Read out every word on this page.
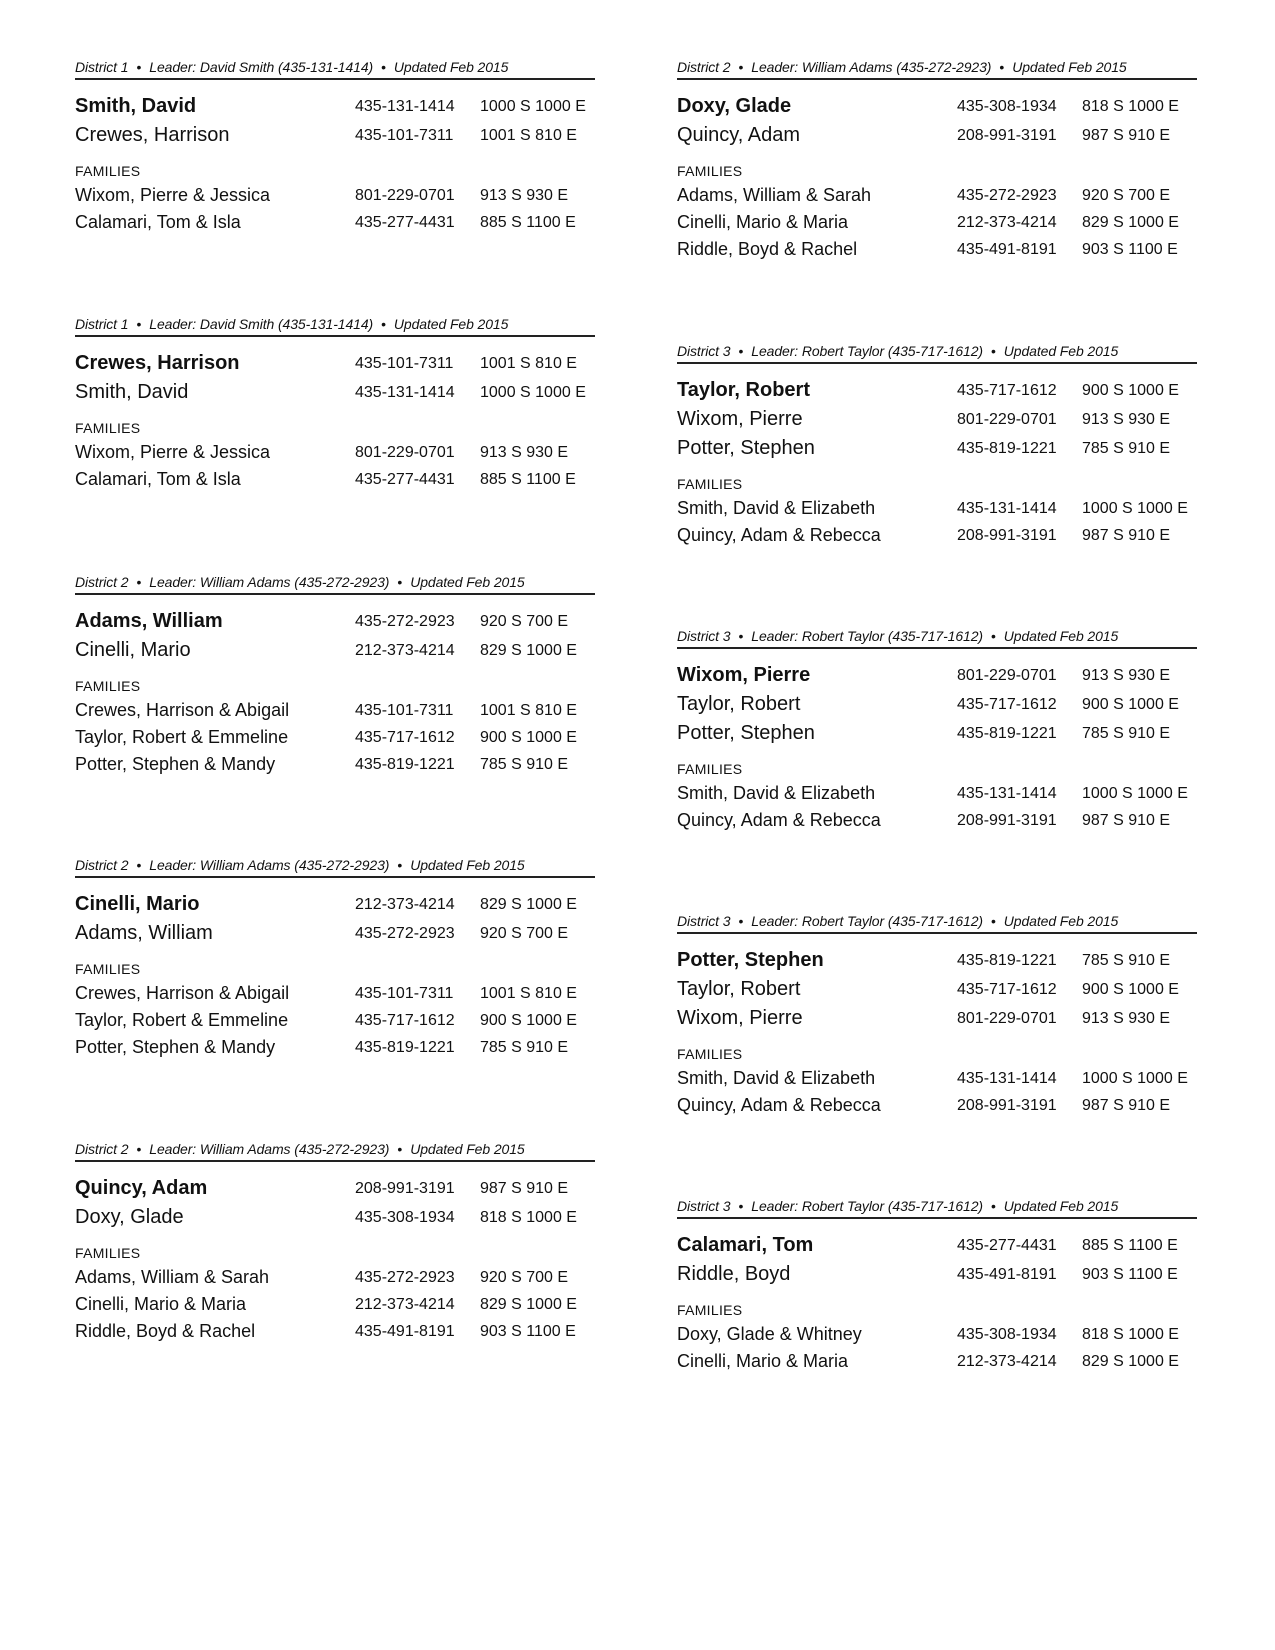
District 1 • Leader: David Smith (435-131-1414) • Updated Feb 2015
Smith, David	435-131-1414 1000 S 1000 E
Crewes, Harrison	435-101-7311 1001 S 810 E
FAMILIES
Wixom, Pierre & Jessica	801-229-0701 913 S 930 E
Calamari, Tom & Isla	435-277-4431 885 S 1100 E
District 1 • Leader: David Smith (435-131-1414) • Updated Feb 2015
Crewes, Harrison	435-101-7311 1001 S 810 E
Smith, David	435-131-1414 1000 S 1000 E
FAMILIES
Wixom, Pierre & Jessica	801-229-0701 913 S 930 E
Calamari, Tom & Isla	435-277-4431 885 S 1100 E
District 2 • Leader: William Adams (435-272-2923) • Updated Feb 2015
Adams, William	435-272-2923 920 S 700 E
Cinelli, Mario	212-373-4214 829 S 1000 E
FAMILIES
Crewes, Harrison & Abigail	435-101-7311 1001 S 810 E
Taylor, Robert & Emmeline	435-717-1612 900 S 1000 E
Potter, Stephen & Mandy	435-819-1221 785 S 910 E
District 2 • Leader: William Adams (435-272-2923) • Updated Feb 2015
Cinelli, Mario	212-373-4214 829 S 1000 E
Adams, William	435-272-2923 920 S 700 E
FAMILIES
Crewes, Harrison & Abigail	435-101-7311 1001 S 810 E
Taylor, Robert & Emmeline	435-717-1612 900 S 1000 E
Potter, Stephen & Mandy	435-819-1221 785 S 910 E
District 2 • Leader: William Adams (435-272-2923) • Updated Feb 2015
Quincy, Adam	208-991-3191 987 S 910 E
Doxy, Glade	435-308-1934 818 S 1000 E
FAMILIES
Adams, William & Sarah	435-272-2923 920 S 700 E
Cinelli, Mario & Maria	212-373-4214 829 S 1000 E
Riddle, Boyd & Rachel	435-491-8191 903 S 1100 E
District 2 • Leader: William Adams (435-272-2923) • Updated Feb 2015
Doxy, Glade	435-308-1934 818 S 1000 E
Quincy, Adam	208-991-3191 987 S 910 E
FAMILIES
Adams, William & Sarah	435-272-2923 920 S 700 E
Cinelli, Mario & Maria	212-373-4214 829 S 1000 E
Riddle, Boyd & Rachel	435-491-8191 903 S 1100 E
District 3 • Leader: Robert Taylor (435-717-1612) • Updated Feb 2015
Taylor, Robert	435-717-1612 900 S 1000 E
Wixom, Pierre	801-229-0701 913 S 930 E
Potter, Stephen	435-819-1221 785 S 910 E
FAMILIES
Smith, David & Elizabeth	435-131-1414 1000 S 1000 E
Quincy, Adam & Rebecca	208-991-3191 987 S 910 E
District 3 • Leader: Robert Taylor (435-717-1612) • Updated Feb 2015
Wixom, Pierre	801-229-0701 913 S 930 E
Taylor, Robert	435-717-1612 900 S 1000 E
Potter, Stephen	435-819-1221 785 S 910 E
FAMILIES
Smith, David & Elizabeth	435-131-1414 1000 S 1000 E
Quincy, Adam & Rebecca	208-991-3191 987 S 910 E
District 3 • Leader: Robert Taylor (435-717-1612) • Updated Feb 2015
Potter, Stephen	435-819-1221 785 S 910 E
Taylor, Robert	435-717-1612 900 S 1000 E
Wixom, Pierre	801-229-0701 913 S 930 E
FAMILIES
Smith, David & Elizabeth	435-131-1414 1000 S 1000 E
Quincy, Adam & Rebecca	208-991-3191 987 S 910 E
District 3 • Leader: Robert Taylor (435-717-1612) • Updated Feb 2015
Calamari, Tom	435-277-4431 885 S 1100 E
Riddle, Boyd	435-491-8191 903 S 1100 E
FAMILIES
Doxy, Glade & Whitney	435-308-1934 818 S 1000 E
Cinelli, Mario & Maria	212-373-4214 829 S 1000 E
